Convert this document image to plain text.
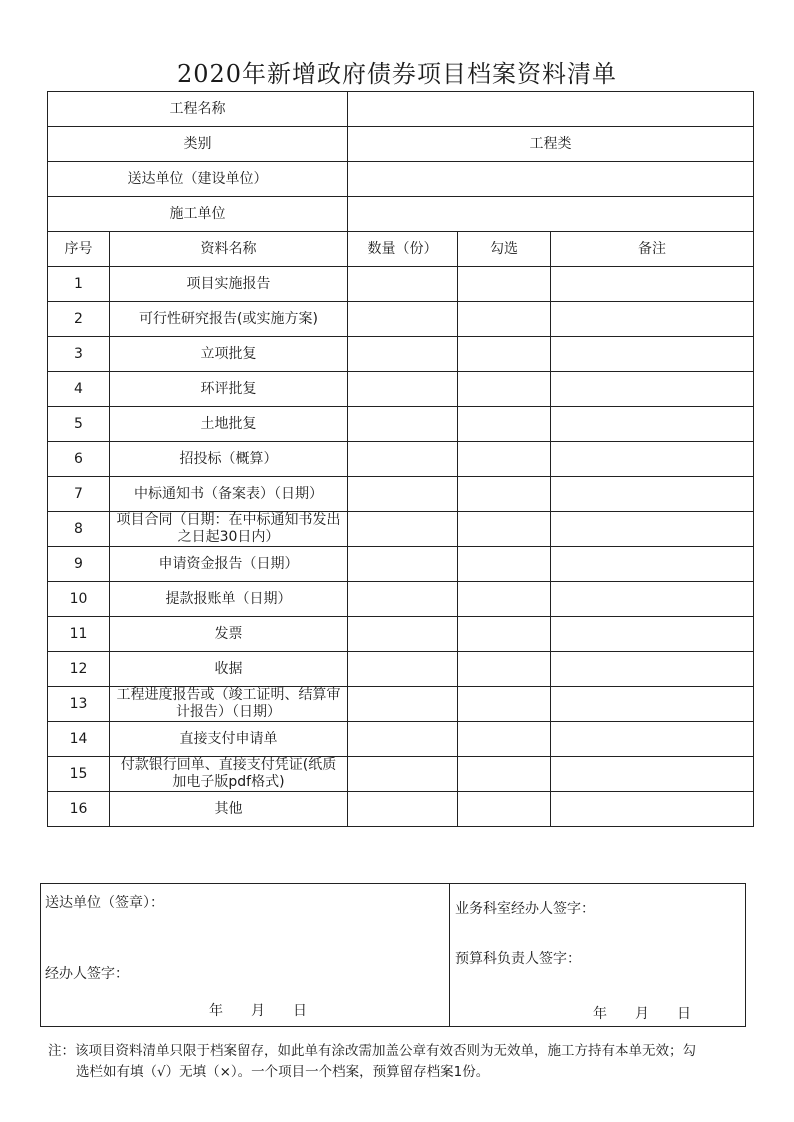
2020年新增政府债券项目档案资料清单
工程名称				
类别		工程类		
送达单位（建设单位）				
施工单位				
序号	资料名称	数量（份）	勾选	备注
1	项目实施报告			
2	可行性研究报告(或实施方案)			
3	立项批复			
4	环评批复			
5	土地批复			
6	招投标（概算）			
7	中标通知书（备案表）（日期）			
8	项目合同（日期：在中标通知书发出之日起30日内）			
9	申请资金报告（日期）			
10	提款报账单（日期）			
11	发票			
12	收据			
13	工程进度报告或（竣工证明、结算审计报告）（日期）			
14	直接支付申请单			
15	付款银行回单、直接支付凭证(纸质加电子版pdf格式)			
16	其他			
送达单位（签章）：
经办人签字：
年　　月　　日
业务科室经办人签字：
预算科负责人签字：
年　　月　　日
注：该项目资料清单只限于档案留存，如此单有涂改需加盖公章有效否则为无效单，施工方持有本单无效；勾
选栏如有填（√）无填（×）。一个项目一个档案，预算留存档案1份。
